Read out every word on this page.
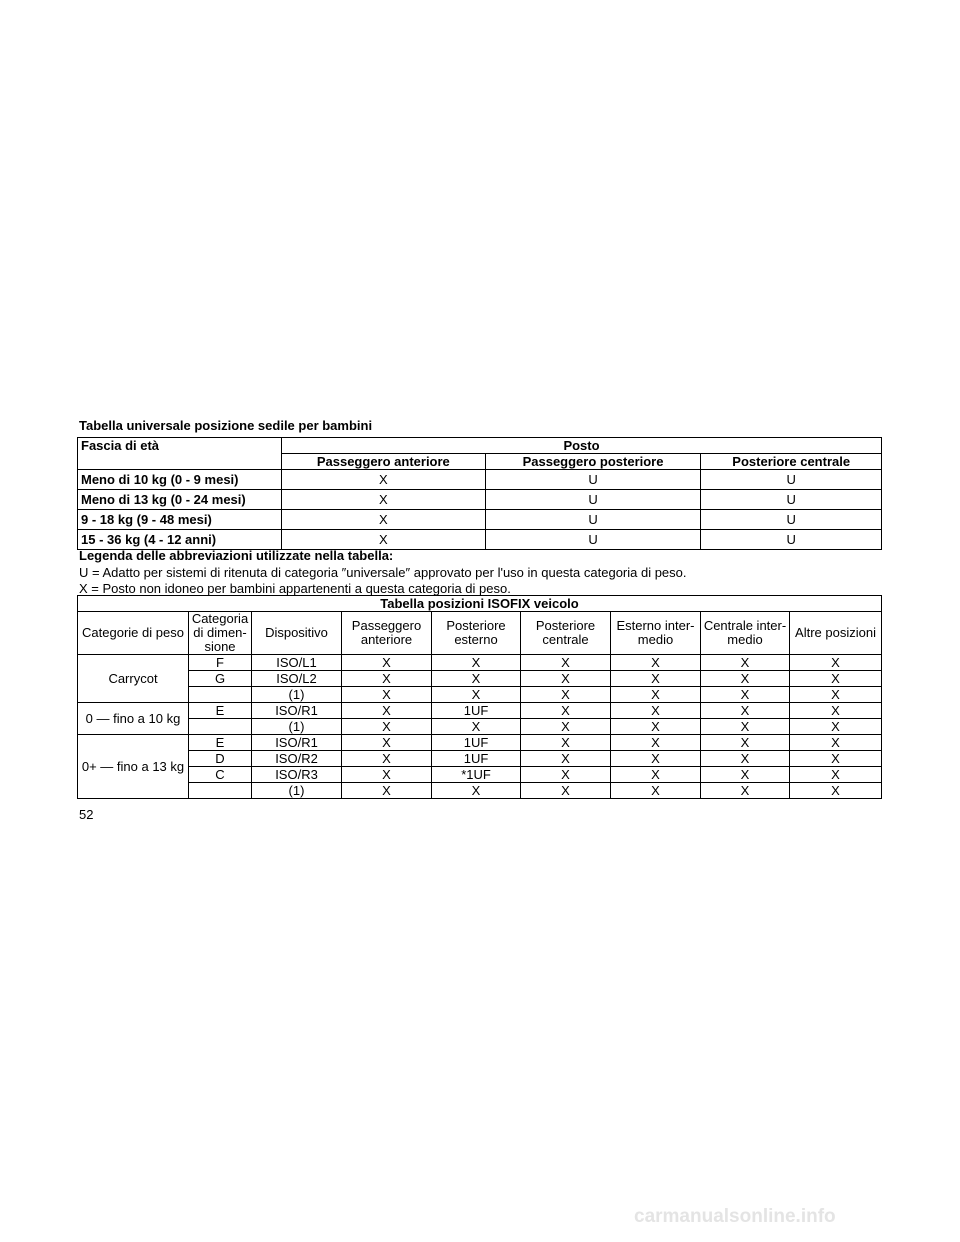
Tabella universale posizione sedile per bambini
Fascia di età	Posto		
	Passeggero anteriore	Passeggero posteriore	Posteriore centrale
Meno di 10 kg (0 - 9 mesi)	X	U	U
Meno di 13 kg (0 - 24 mesi)	X	U	U
9 - 18 kg (9 - 48 mesi)	X	U	U
15 - 36 kg (4 - 12 anni)	X	U	U
Legenda delle abbreviazioni utilizzate nella tabella:
U = Adatto per sistemi di ritenuta di categoria ″universale″ approvato per l'uso in questa categoria di peso.
X = Posto non idoneo per bambini appartenenti a questa categoria di peso.
Tabella posizioni ISOFIX veicolo								
Categorie di peso	Categoria di dimen-sione	Dispositivo	Passeggero anteriore	Posteriore esterno	Posteriore centrale	Esterno inter-medio	Centrale inter-medio	Altre posizioni
Carrycot	F	ISO/L1	X	X	X	X	X	X
	G	ISO/L2	X	X	X	X	X	X
		(1)	X	X	X	X	X	X
0 — fino a 10 kg	E	ISO/R1	X	1UF	X	X	X	X
		(1)	X	X	X	X	X	X
0+ — fino a 13 kg	E	ISO/R1	X	1UF	X	X	X	X
	D	ISO/R2	X	1UF	X	X	X	X
	C	ISO/R3	X	*1UF	X	X	X	X
		(1)	X	X	X	X	X	X
52
carmanualsonline.info
